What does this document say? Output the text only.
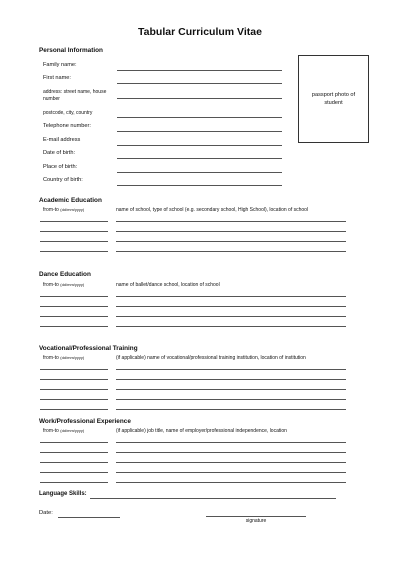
Tabular Curriculum Vitae
Personal Information
Family name:
First name:
address: street name, house number
postcode, city, country
Telephone number:
E-mail address
Date of birth:
Place of birth:
Country of birth:
passport photo of student
Academic Education
from-to (dd/mm/yyyy)	name of school, type of school (e.g. secondary school, High School), location of school
Dance Education
from-to (dd/mm/yyyy)	name of ballet/dance school, location of school
Vocational/Professional Training
from-to (dd/mm/yyyy)	(if applicable) name of vocational/professional training institution, location of institution
Work/Professional Experience
from-to (dd/mm/yyyy)	(if applicable) job title, name of employer/professional independence, location
Language Skills:
Date:
signature
